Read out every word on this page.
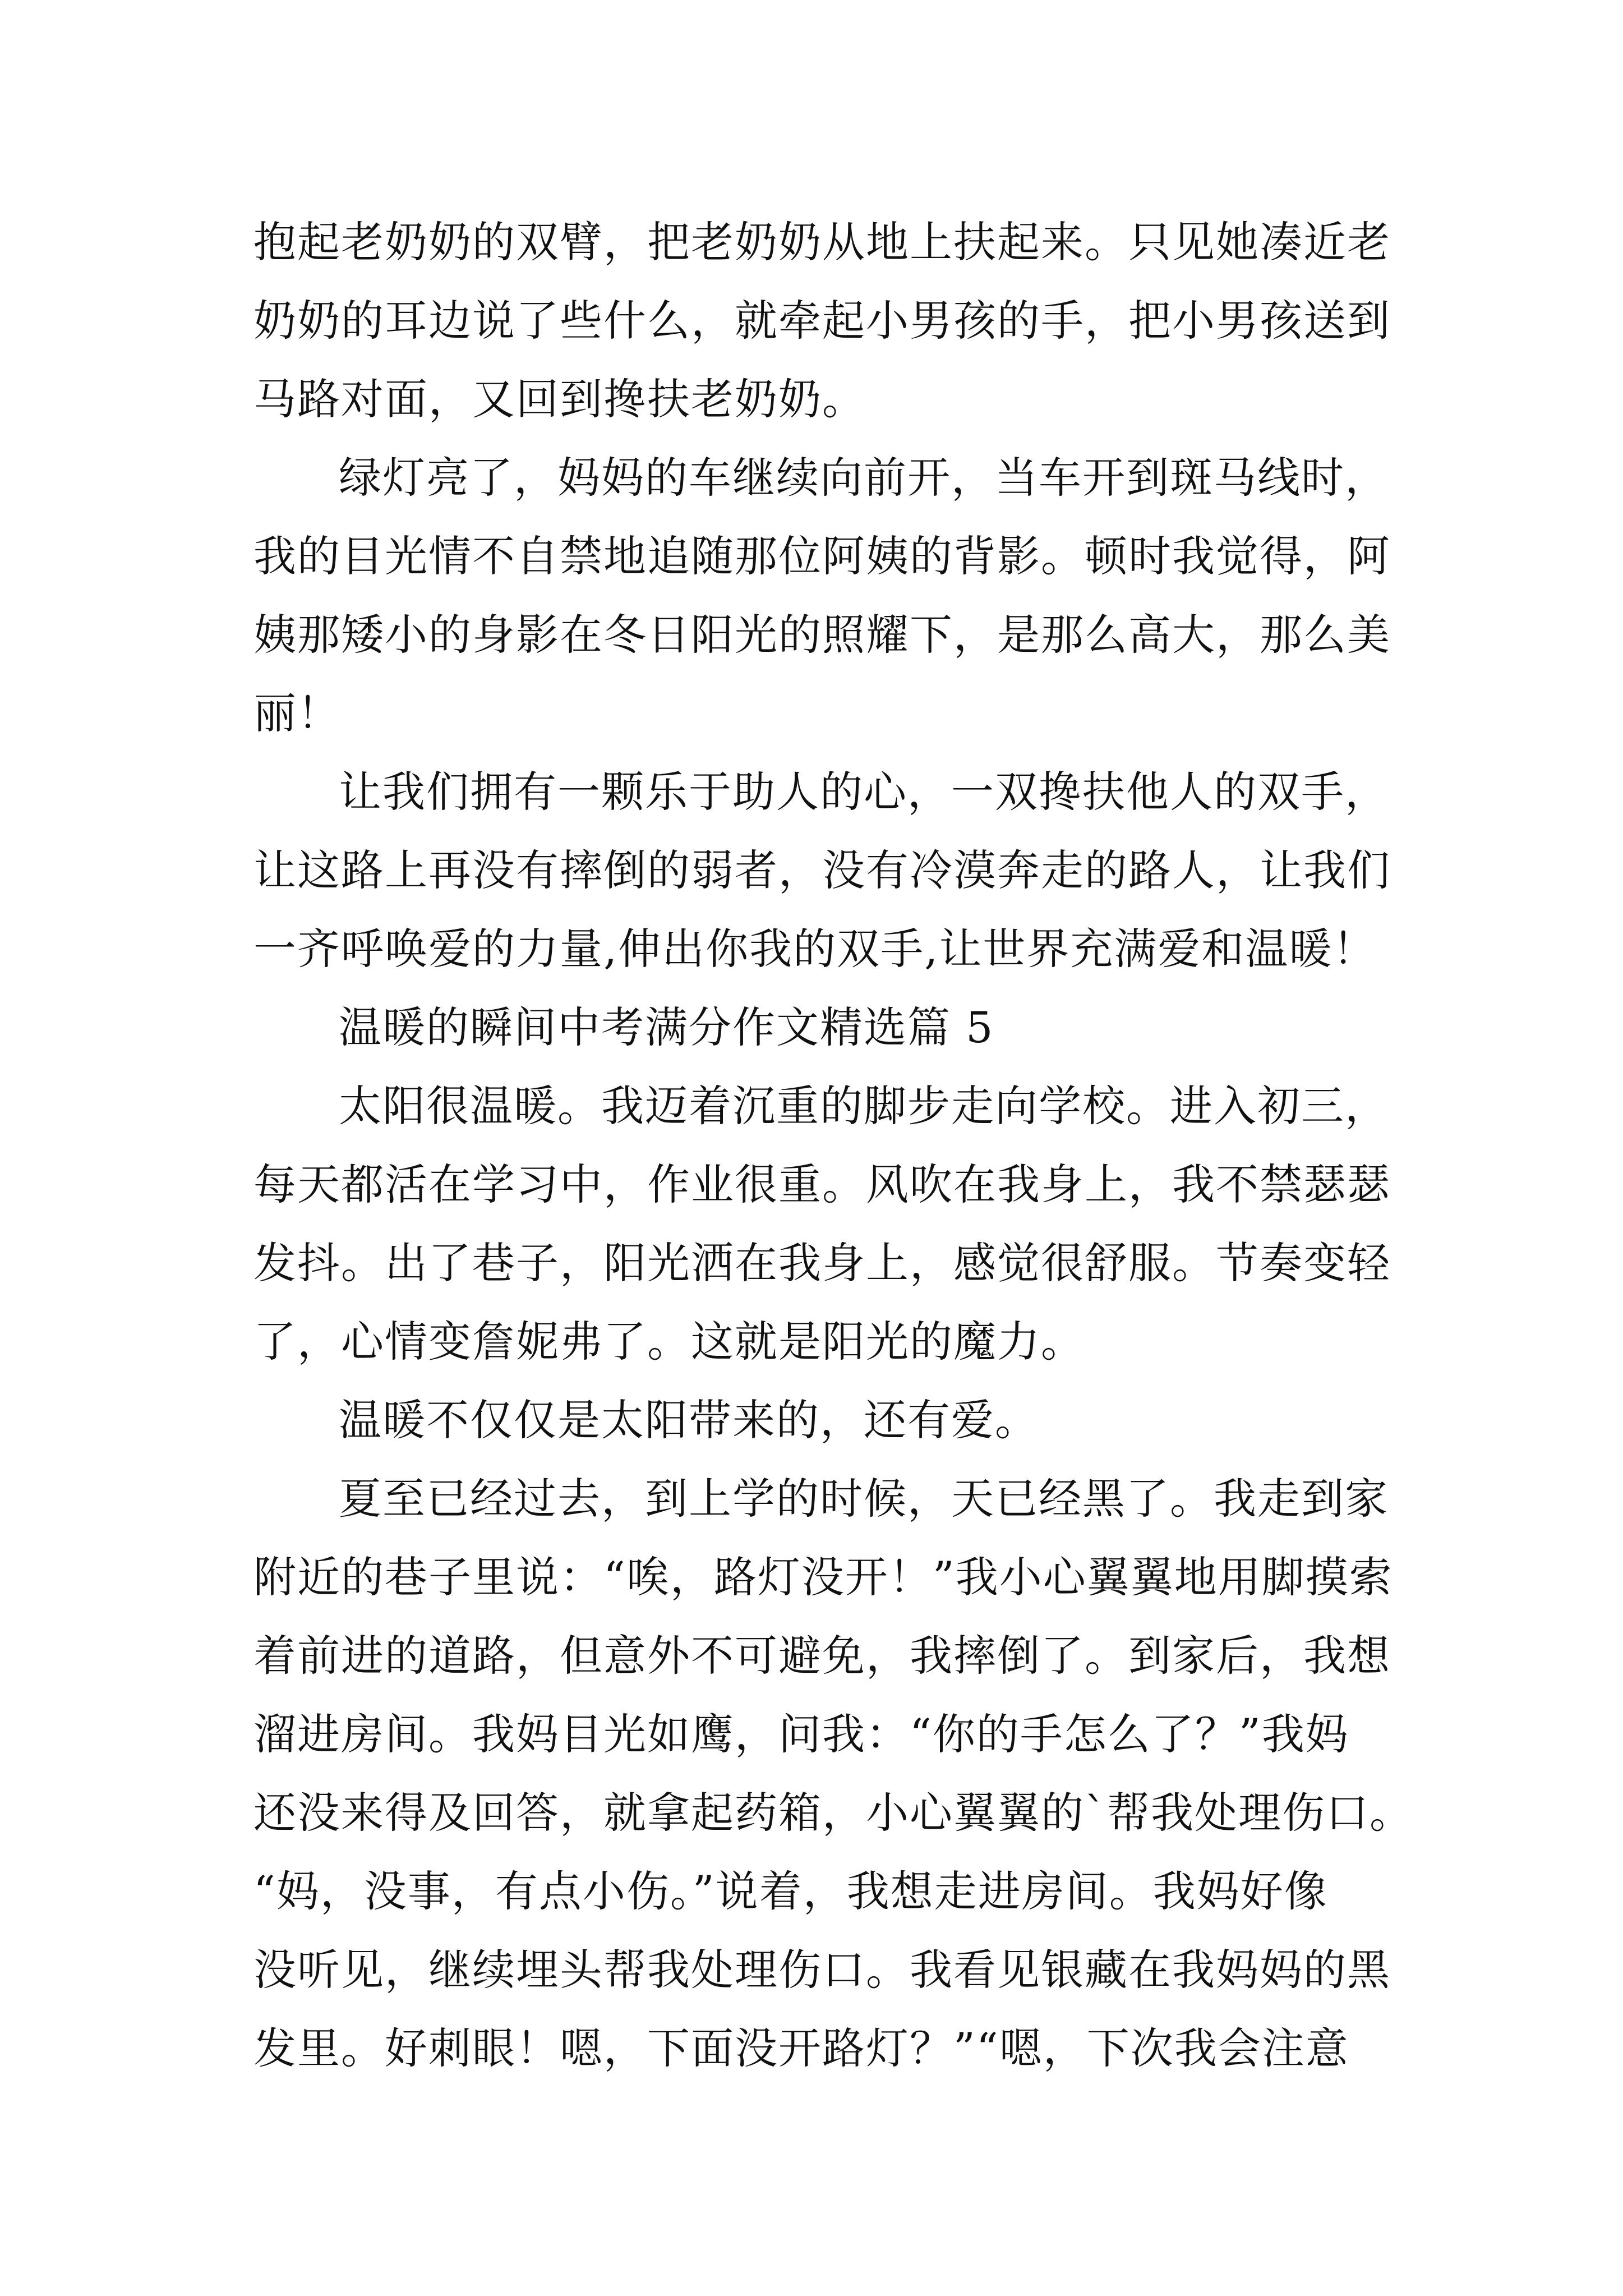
抱起老奶奶的双臂，把老奶奶从地上扶起来。只见她凑近老
奶奶的耳边说了些什么，就牵起小男孩的手，把小男孩送到
马路对面，又回到搀扶老奶奶。
绿灯亮了，妈妈的车继续向前开，当车开到斑马线时，
我的目光情不自禁地追随那位阿姨的背影。顿时我觉得，阿
姨那矮小的身影在冬日阳光的照耀下，是那么高大，那么美
丽！
让我们拥有一颗乐于助人的心，一双搀扶他人的双手，
让这路上再没有摔倒的弱者，没有冷漠奔走的路人，让我们
一齐呼唤爱的力量,伸出你我的双手,让世界充满爱和温暖！
温暖的瞬间中考满分作文精选篇 5
太阳很温暖。我迈着沉重的脚步走向学校。进入初三，
每天都活在学习中，作业很重。风吹在我身上，我不禁瑟瑟
发抖。出了巷子，阳光洒在我身上，感觉很舒服。节奏变轻
了，心情变詹妮弗了。这就是阳光的魔力。
温暖不仅仅是太阳带来的，还有爱。
夏至已经过去，到上学的时候，天已经黑了。我走到家
附近的巷子里说：“唉，路灯没开！”我小心翼翼地用脚摸索
着前进的道路，但意外不可避免，我摔倒了。到家后，我想
溜进房间。我妈目光如鹰，问我：“你的手怎么了？”我妈
还没来得及回答，就拿起药箱，小心翼翼的`帮我处理伤口。
“妈，没事，有点小伤。”说着，我想走进房间。我妈好像
没听见，继续埋头帮我处理伤口。我看见银藏在我妈妈的黑
发里。好刺眼！嗯，下面没开路灯？”“嗯，下次我会注意
